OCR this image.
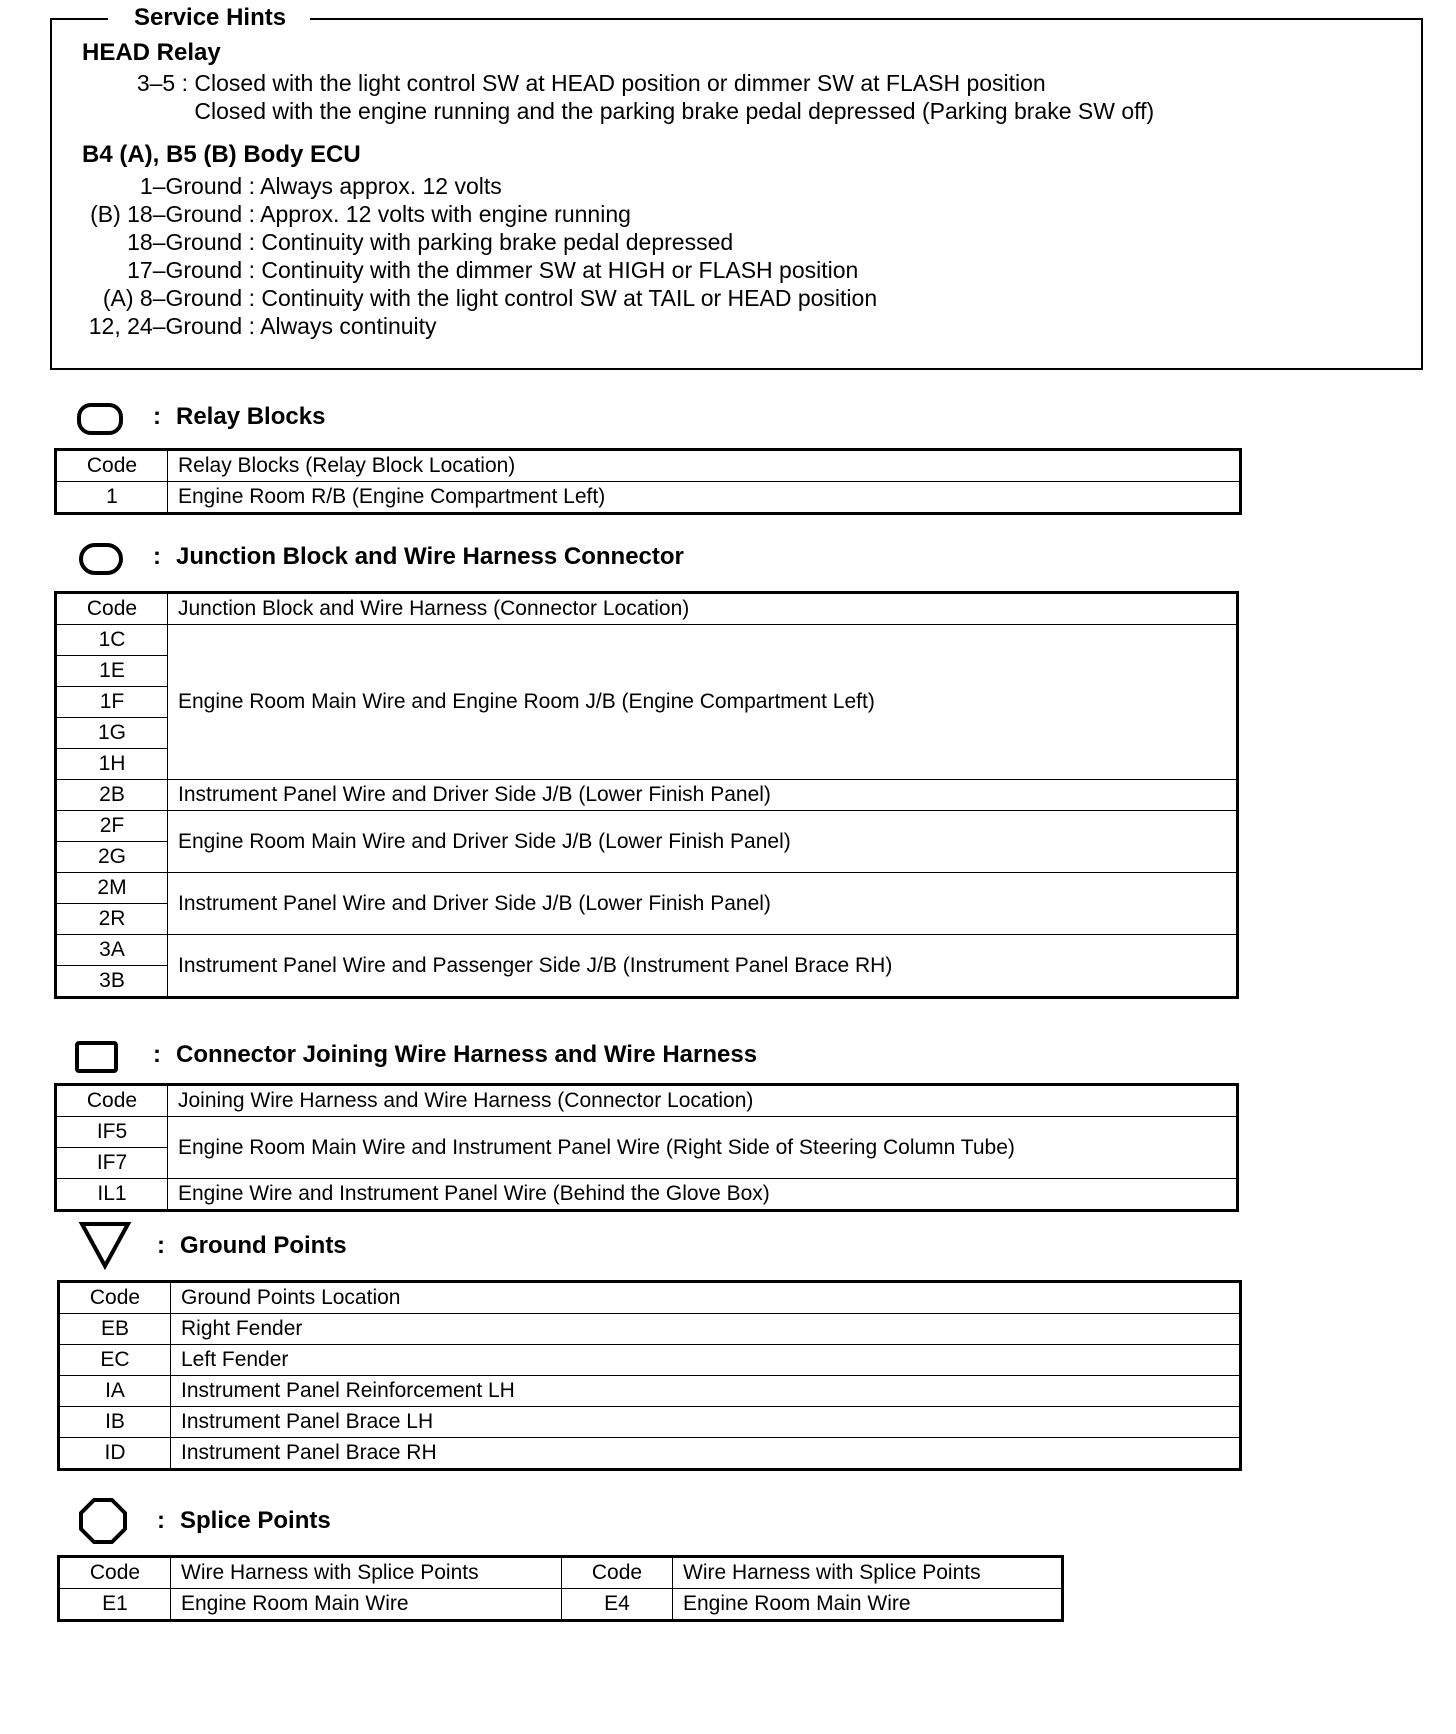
Service Hints
HEAD Relay
3–5 : Closed with the light control SW at HEAD position or dimmer SW at FLASH position
Closed with the engine running and the parking brake pedal depressed (Parking brake SW off)
B4 (A), B5 (B) Body ECU
1–Ground : Always approx. 12 volts
(B) 18–Ground : Approx. 12 volts with engine running
18–Ground : Continuity with parking brake pedal depressed
17–Ground : Continuity with the dimmer SW at HIGH or FLASH position
(A) 8–Ground : Continuity with the light control SW at TAIL or HEAD position
12, 24–Ground : Always continuity
: Relay Blocks
Code	Relay Blocks (Relay Block Location)
1	Engine Room R/B (Engine Compartment Left)
: Junction Block and Wire Harness Connector
Code	Junction Block and Wire Harness (Connector Location)
1C	Engine Room Main Wire and Engine Room J/B (Engine Compartment Left)
1E	
1F	
1G	
1H	
2B	Instrument Panel Wire and Driver Side J/B (Lower Finish Panel)
2F	Engine Room Main Wire and Driver Side J/B (Lower Finish Panel)
2G	
2M	Instrument Panel Wire and Driver Side J/B (Lower Finish Panel)
2R	
3A	Instrument Panel Wire and Passenger Side J/B (Instrument Panel Brace RH)
3B	
: Connector Joining Wire Harness and Wire Harness
Code	Joining Wire Harness and Wire Harness (Connector Location)
IF5	Engine Room Main Wire and Instrument Panel Wire (Right Side of Steering Column Tube)
IF7	
IL1	Engine Wire and Instrument Panel Wire (Behind the Glove Box)
: Ground Points
Code	Ground Points Location
EB	Right Fender
EC	Left Fender
IA	Instrument Panel Reinforcement LH
IB	Instrument Panel Brace LH
ID	Instrument Panel Brace RH
: Splice Points
Code	Wire Harness with Splice Points	Code	Wire Harness with Splice Points
E1	Engine Room Main Wire	E4	Engine Room Main Wire
